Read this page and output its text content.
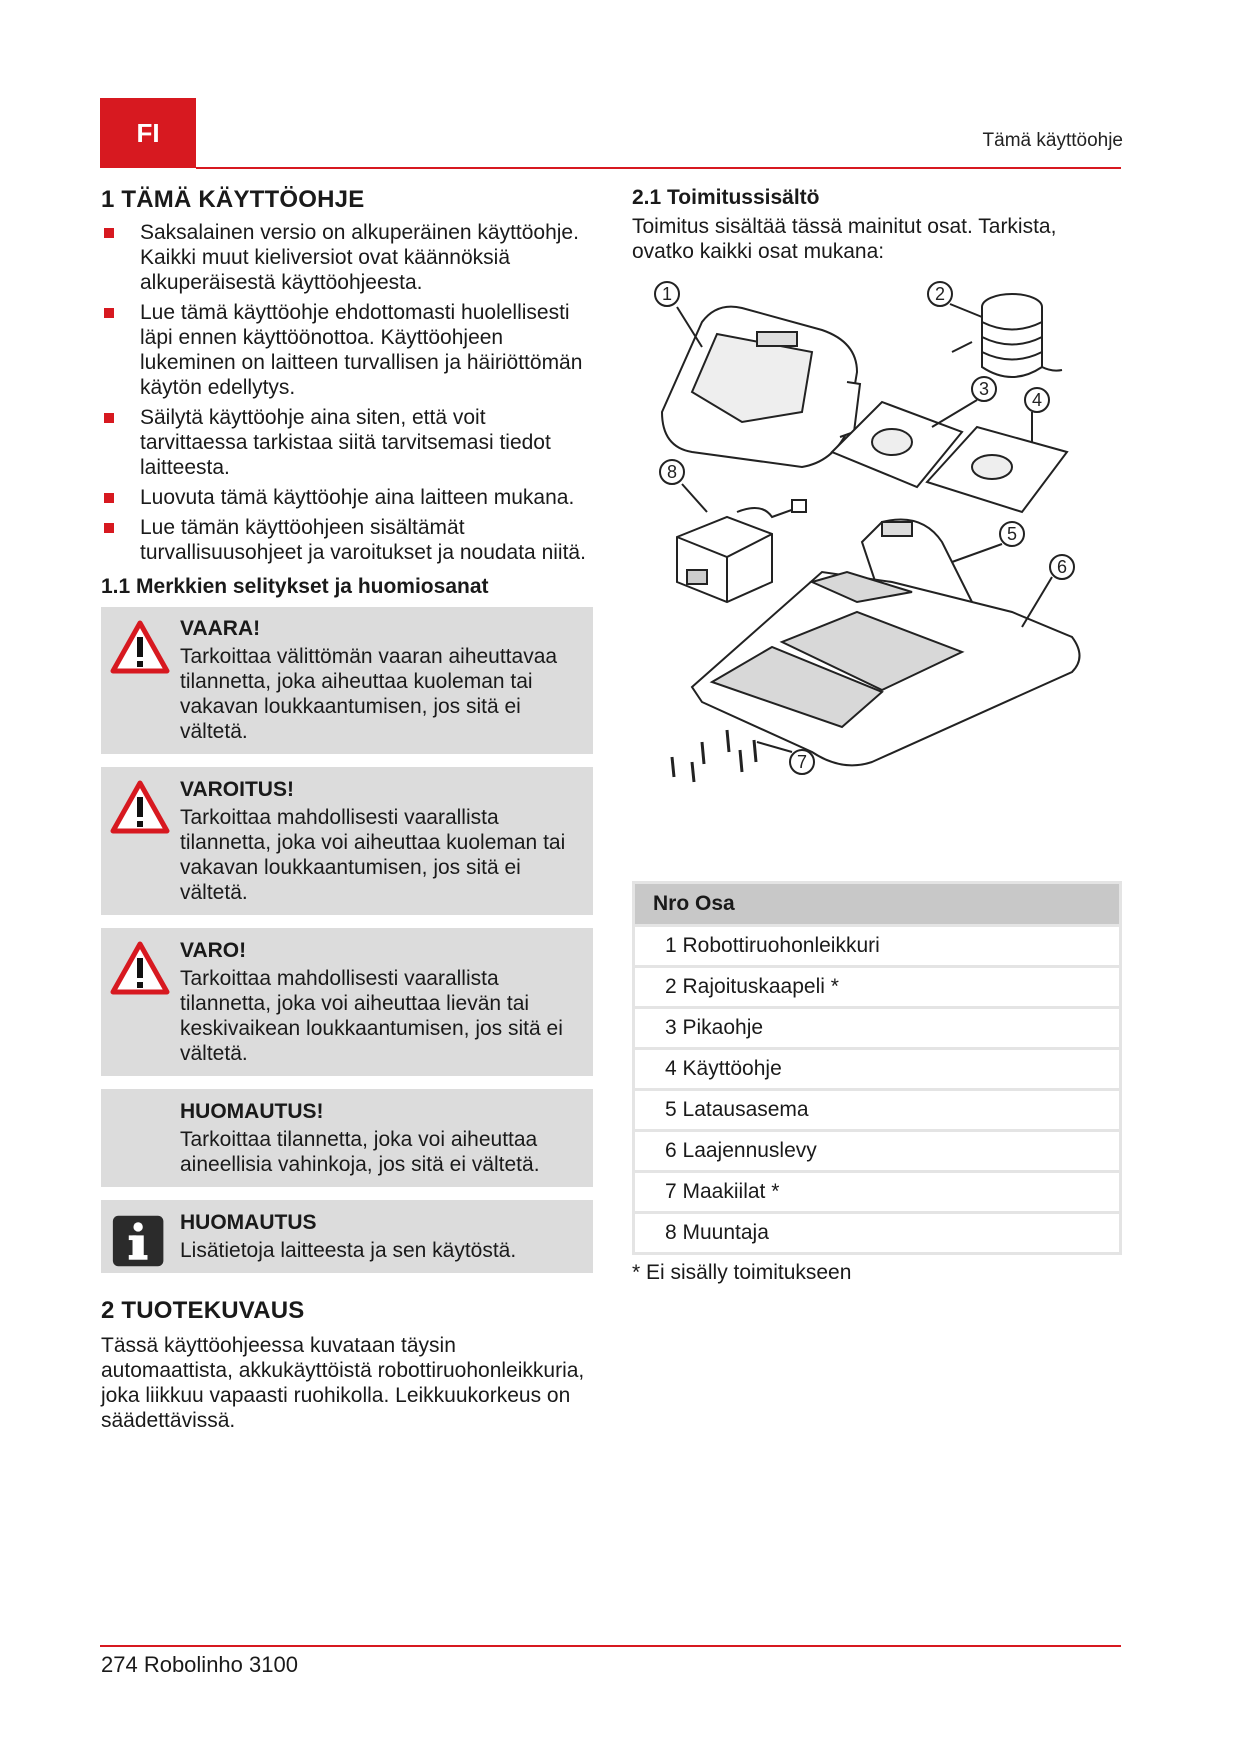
FI	Tämä käyttöohje
1 TÄMÄ KÄYTTÖOHJE
Saksalainen versio on alkuperäinen käyttöohje. Kaikki muut kieliversiot ovat käännöksiä alkuperäisestä käyttöohjeesta.
Lue tämä käyttöohje ehdottomasti huolellisesti läpi ennen käyttöönottoa. Käyttöohjeen lukeminen on laitteen turvallisen ja häiriöttömän käytön edellytys.
Säilytä käyttöohje aina siten, että voit tarvittaessa tarkistaa siitä tarvitsemasi tiedot laitteesta.
Luovuta tämä käyttöohje aina laitteen mukana.
Lue tämän käyttöohjeen sisältämät turvallisuusohjeet ja varoitukset ja noudata niitä.
1.1 Merkkien selitykset ja huomiosanat
VAARA!
Tarkoittaa välittömän vaaran aiheuttavaa tilannetta, joka aiheuttaa kuoleman tai vakavan loukkaantumisen, jos sitä ei vältetä.
VAROITUS!
Tarkoittaa mahdollisesti vaarallista tilannetta, joka voi aiheuttaa kuoleman tai vakavan loukkaantumisen, jos sitä ei vältetä.
VARO!
Tarkoittaa mahdollisesti vaarallista tilannetta, joka voi aiheuttaa lievän tai keskivaikean loukkaantumisen, jos sitä ei vältetä.
HUOMAUTUS!
Tarkoittaa tilannetta, joka voi aiheuttaa aineellisia vahinkoja, jos sitä ei vältetä.
HUOMAUTUS
Lisätietoja laitteesta ja sen käytöstä.
2 TUOTEKUVAUS

Tässä käyttöohjeessa kuvataan täysin automaattista, akkukäyttöistä robottiruohonleikkuria, joka liikkuu vapaasti ruohikolla. Leikkuukorkeus on säädettävissä.

2.1 Toimitussisältö

Toimitus sisältää tässä mainitut osat. Tarkista, ovatko kaikki osat mukana:

1	2
3
4
5
6
7
8
Nro Osa
1 Robottiruohonleikkuri
2 Rajoituskaapeli *
3 Pikaohje
4 Käyttöohje
5 Latausasema
6 Laajennuslevy
7 Maakiilat *
8 Muuntaja
* Ei sisälly toimitukseen
274 Robolinho 3100
